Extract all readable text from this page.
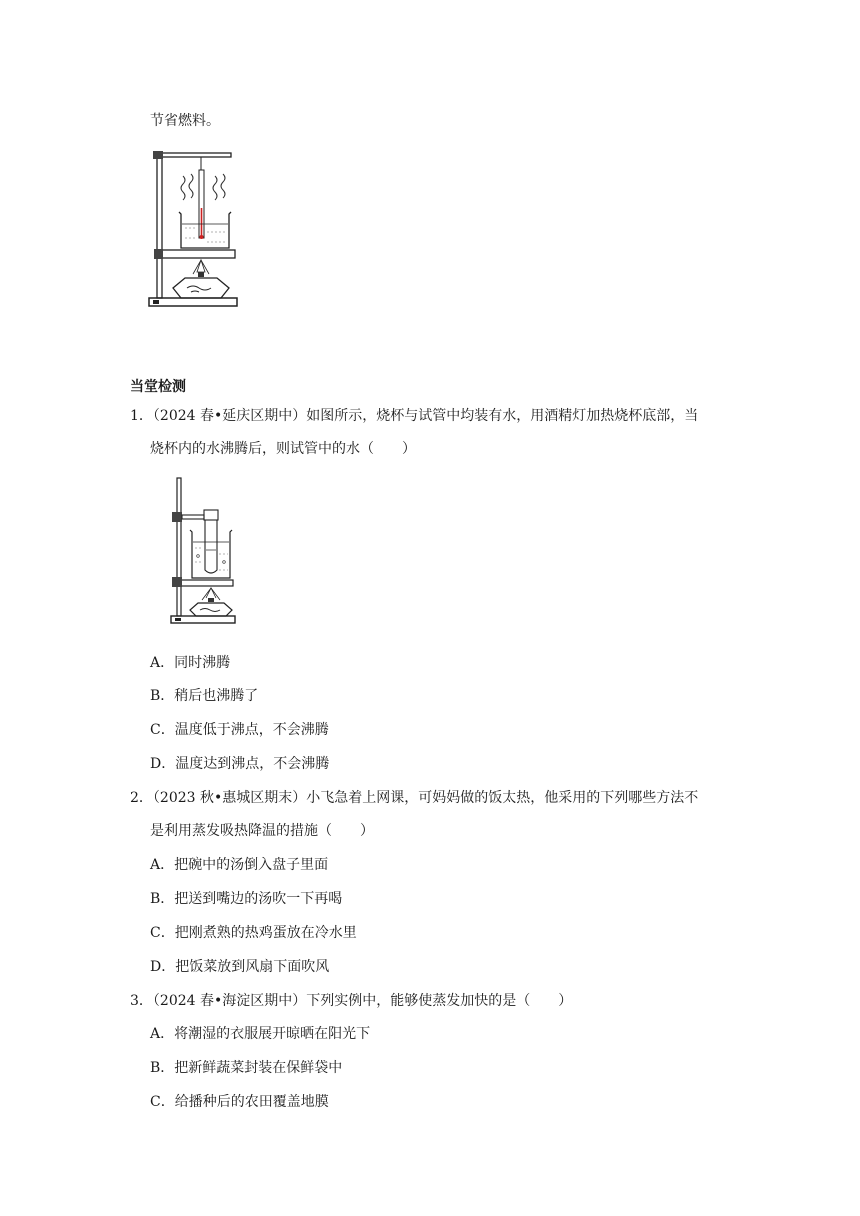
节省燃料。
当堂检测
1．（2024 春•延庆区期中）如图所示，烧杯与试管中均装有水，用酒精灯加热烧杯底部，当
烧杯内的水沸腾后，则试管中的水（　　）
A．同时沸腾
B．稍后也沸腾了
C．温度低于沸点，不会沸腾
D．温度达到沸点，不会沸腾
2．（2023 秋•惠城区期末）小飞急着上网课，可妈妈做的饭太热，他采用的下列哪些方法不
是利用蒸发吸热降温的措施（　　）
A．把碗中的汤倒入盘子里面
B．把送到嘴边的汤吹一下再喝
C．把刚煮熟的热鸡蛋放在冷水里
D．把饭菜放到风扇下面吹风
3．（2024 春•海淀区期中）下列实例中，能够使蒸发加快的是（　　）
A．将潮湿的衣服展开晾晒在阳光下
B．把新鲜蔬菜封装在保鲜袋中
C．给播种后的农田覆盖地膜
